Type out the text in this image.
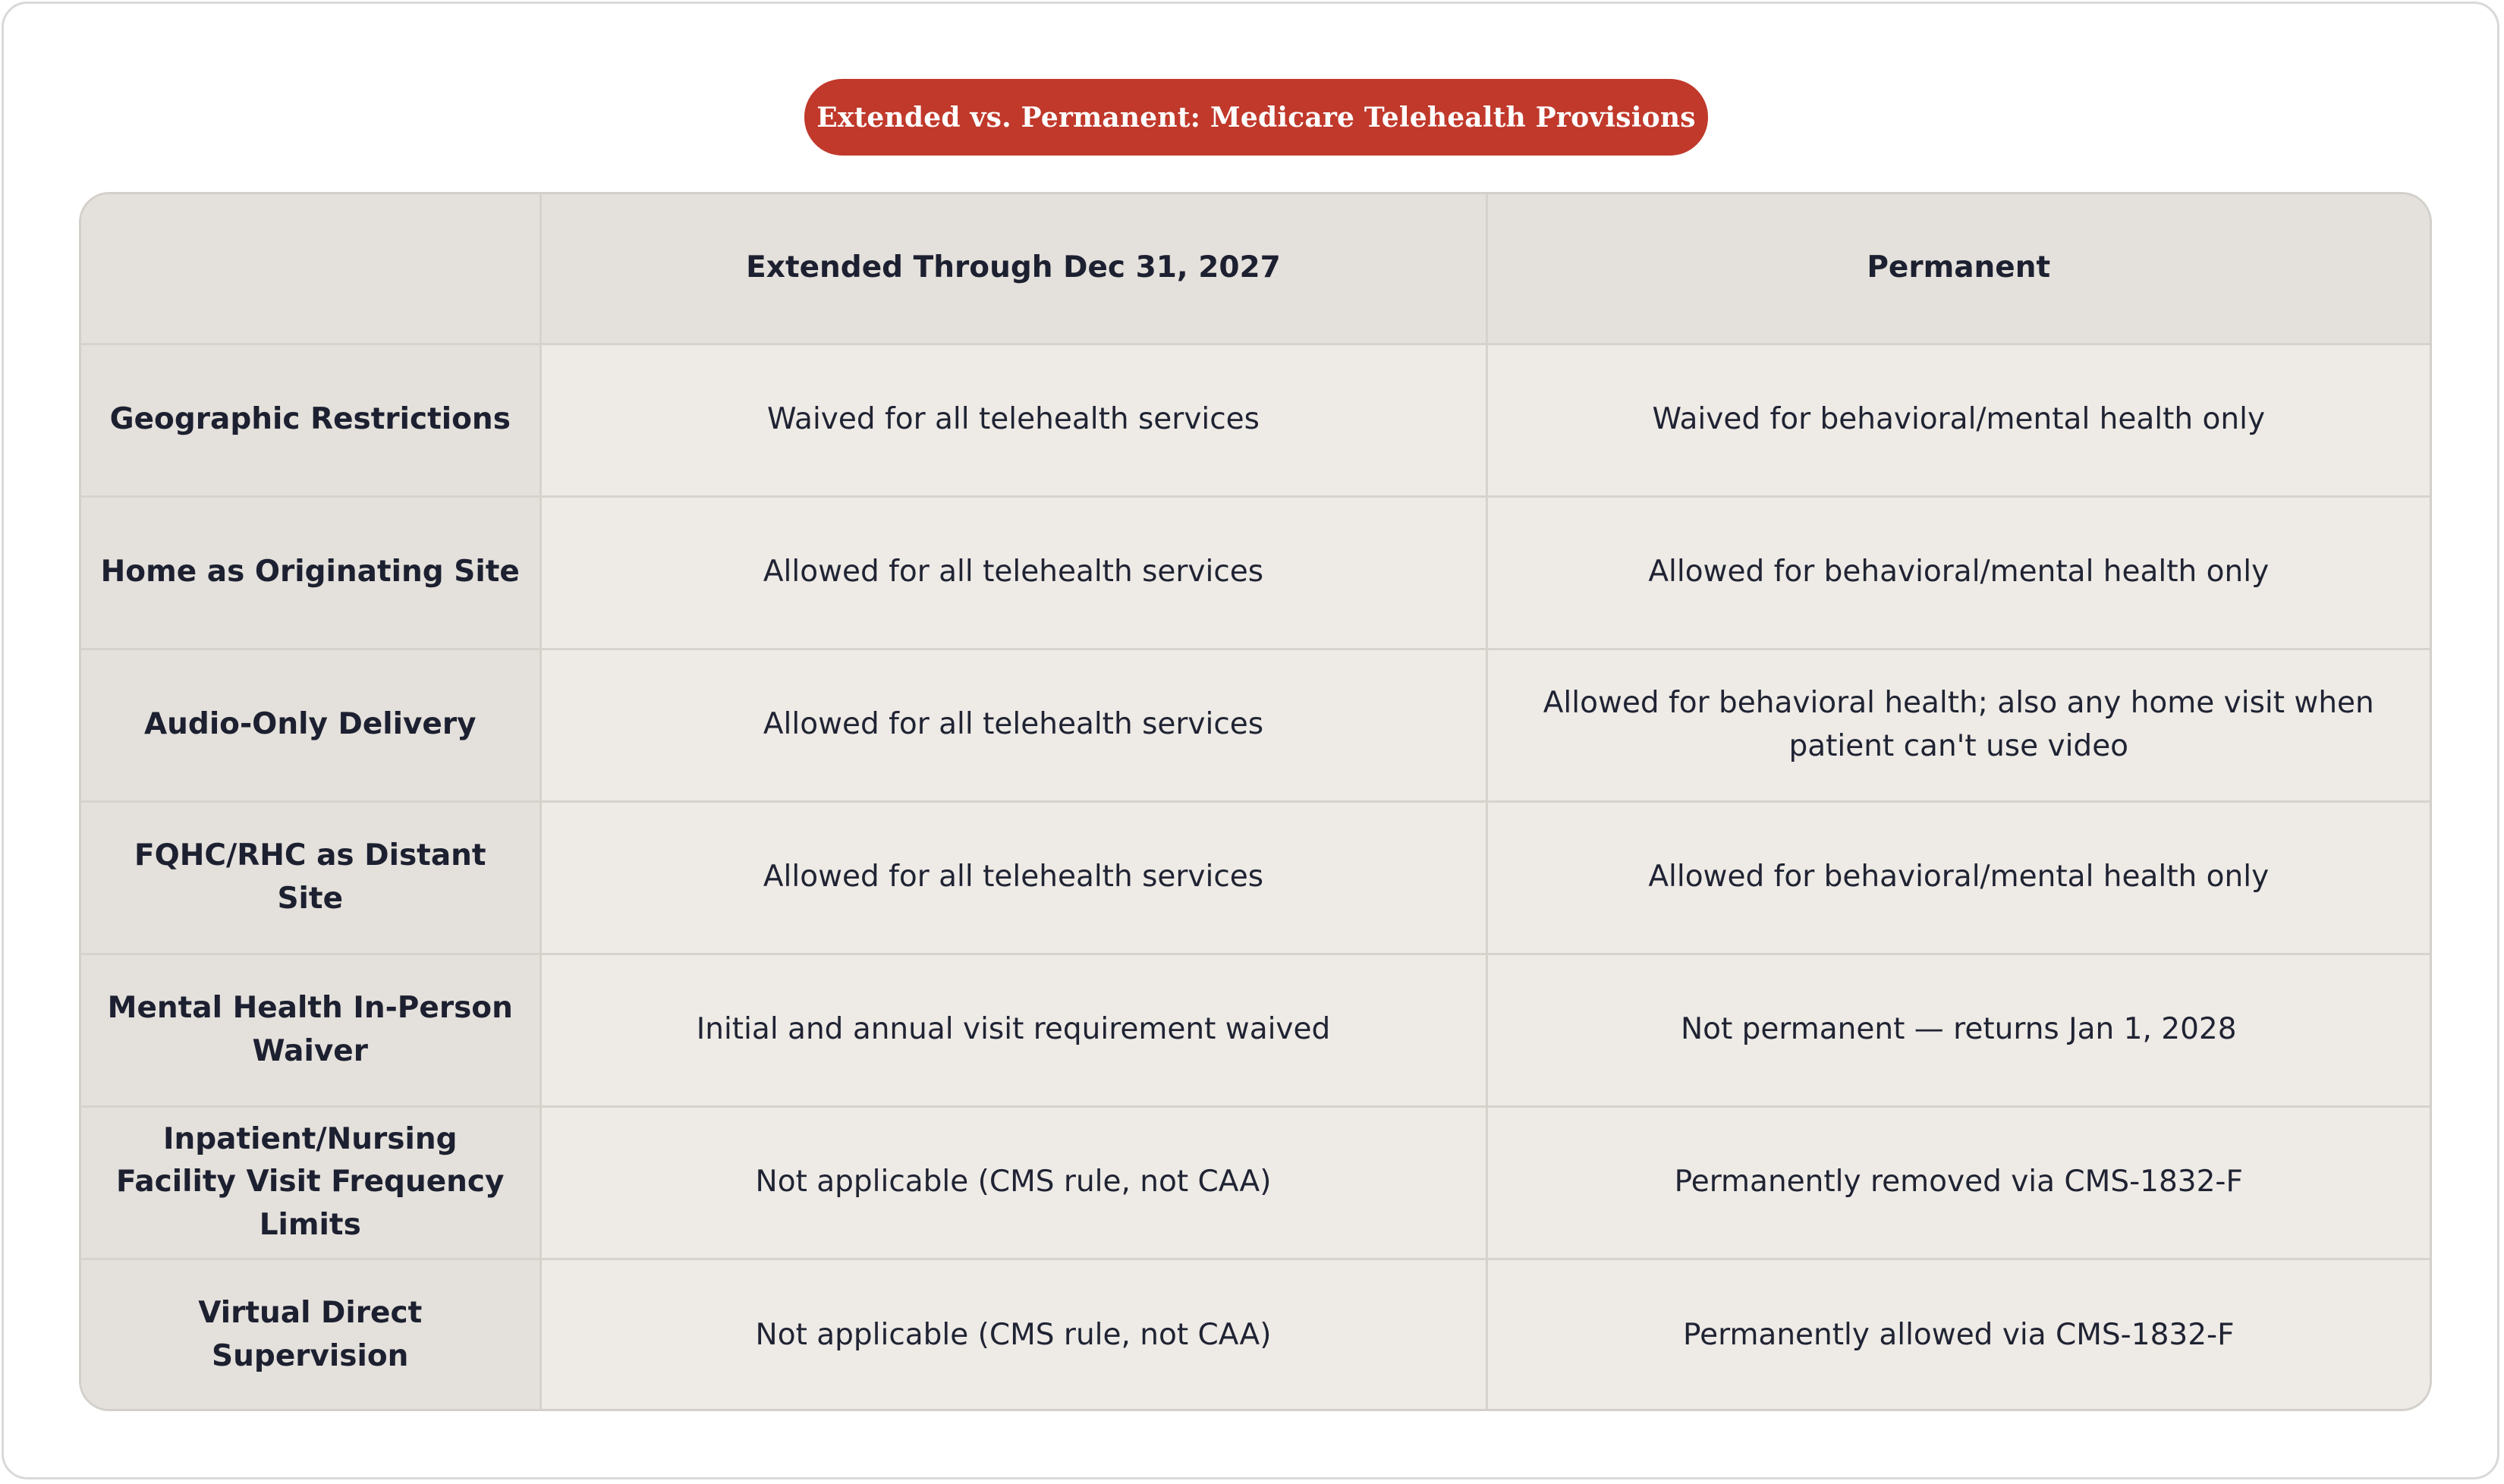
Extended vs. Permanent: Medicare Telehealth Provisions
	Extended Through Dec 31, 2027	Permanent
Geographic Restrictions	Waived for all telehealth services	Waived for behavioral/mental health only
Home as Originating Site	Allowed for all telehealth services	Allowed for behavioral/mental health only
Audio-Only Delivery	Allowed for all telehealth services	Allowed for behavioral health; also any home visit when patient can't use video
FQHC/RHC as Distant Site	Allowed for all telehealth services	Allowed for behavioral/mental health only
Mental Health In-Person Waiver	Initial and annual visit requirement waived	Not permanent — returns Jan 1, 2028
Inpatient/Nursing Facility Visit Frequency Limits	Not applicable (CMS rule, not CAA)	Permanently removed via CMS-1832-F
Virtual Direct Supervision	Not applicable (CMS rule, not CAA)	Permanently allowed via CMS-1832-F
